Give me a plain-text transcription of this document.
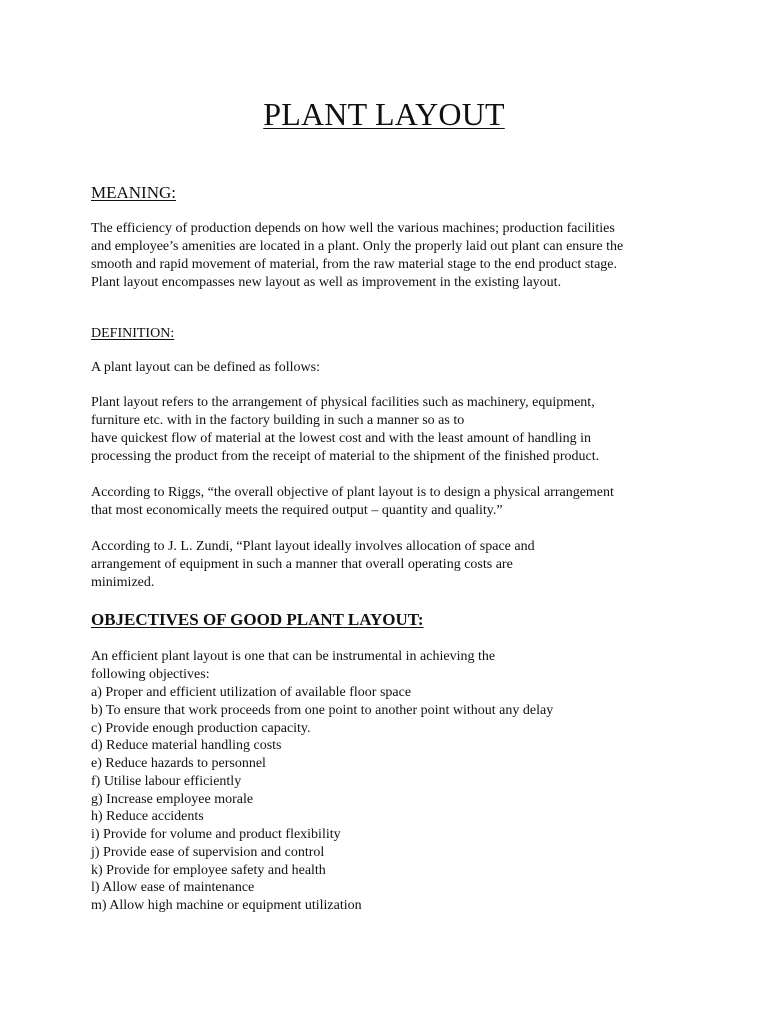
PLANT LAYOUT
MEANING:
The efficiency of production depends on how well the various machines; production facilities
and employee’s amenities are located in a plant. Only the properly laid out plant can ensure the
smooth and rapid movement of material, from the raw material stage to the end product stage.
Plant layout encompasses new layout as well as improvement in the existing layout.
DEFINITION:
A plant layout can be defined as follows:
Plant layout refers to the arrangement of physical facilities such as machinery, equipment,
furniture etc. with in the factory building in such a manner so as to
have quickest flow of material at the lowest cost and with the least amount of handling in
processing the product from the receipt of material to the shipment of the finished product.
According to Riggs, “the overall objective of plant layout is to design a physical arrangement
that most economically meets the required output – quantity and quality.”
According to J. L. Zundi, “Plant layout ideally involves allocation of space and
arrangement of equipment in such a manner that overall operating costs are
minimized.
OBJECTIVES OF GOOD PLANT LAYOUT:
An efficient plant layout is one that can be instrumental in achieving the
following objectives:
a) Proper and efficient utilization of available floor space
b) To ensure that work proceeds from one point to another point without any delay
c) Provide enough production capacity.
d) Reduce material handling costs
e) Reduce hazards to personnel
f) Utilise labour efficiently
g) Increase employee morale
h) Reduce accidents
i) Provide for volume and product flexibility
j) Provide ease of supervision and control
k) Provide for employee safety and health
l) Allow ease of maintenance
m) Allow high machine or equipment utilization
